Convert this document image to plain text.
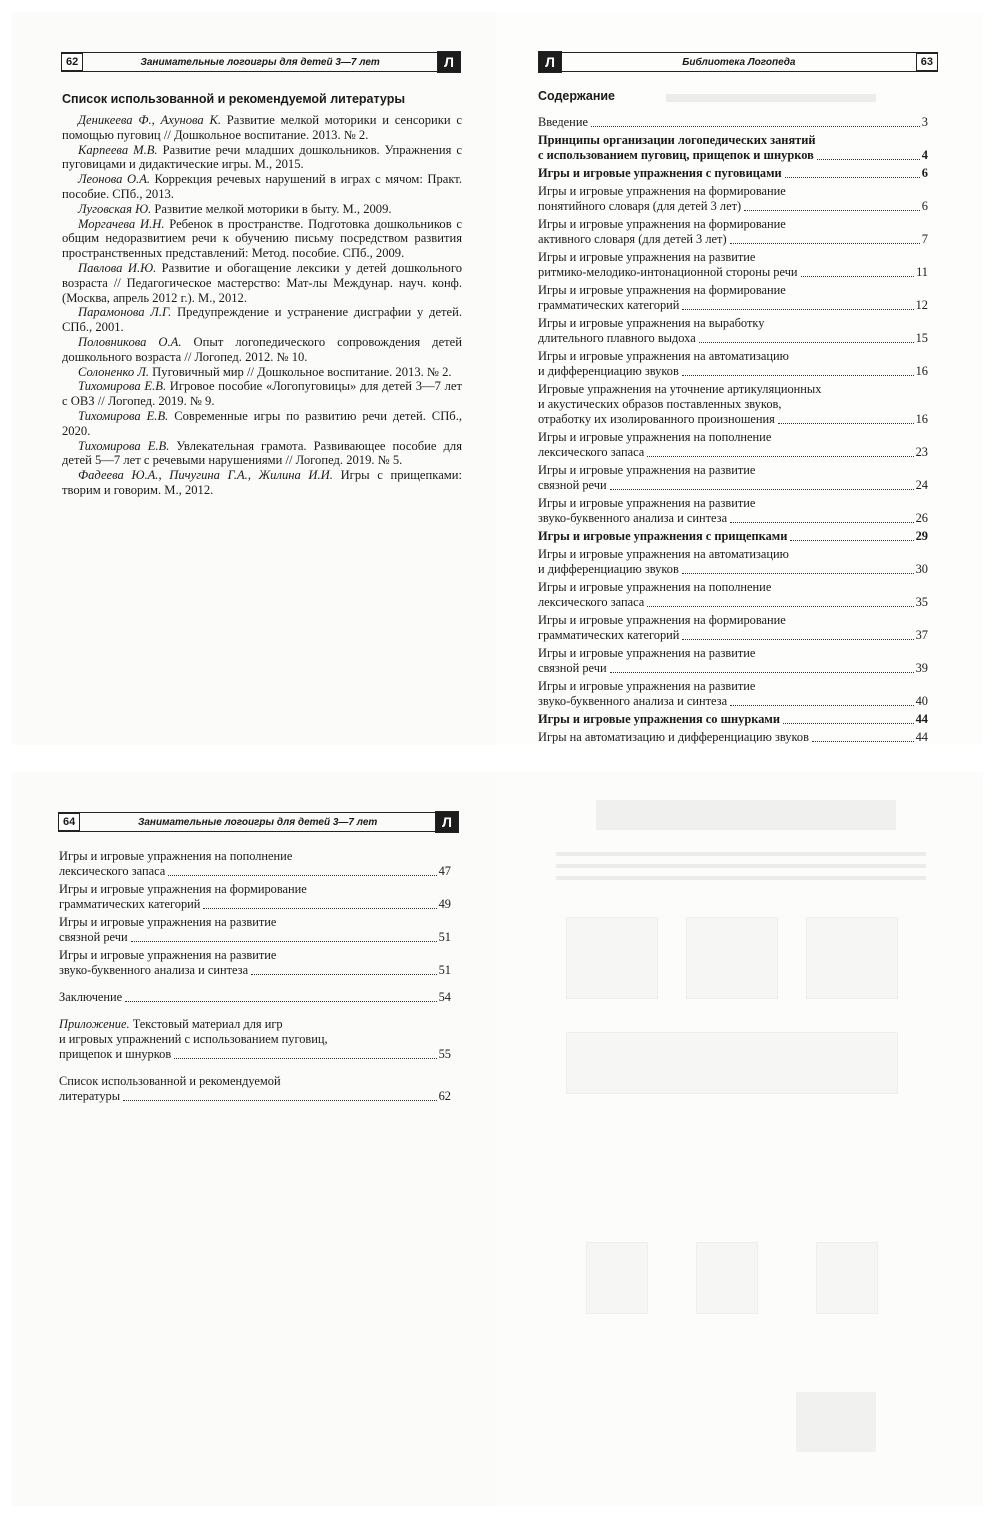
62	Занимательные логоигры для детей 3—7 лет	Л
Список использованной и рекомендуемой литературы

Деникеева Ф., Ахунова К. Развитие мелкой моторики и сенсорики с помощью пуговиц // Дошкольное воспитание. 2013. № 2.

Карпеева М.В. Развитие речи младших дошкольников. Упражнения с пуговицами и дидактические игры. М., 2015.

Леонова О.А. Коррекция речевых нарушений в играх с мячом: Практ. пособие. СПб., 2013.

Луговская Ю. Развитие мелкой моторики в быту. М., 2009.

Моргачева И.Н. Ребенок в пространстве. Подготовка дошкольников с общим недоразвитием речи к обучению письму посредством развития пространственных представлений: Метод. пособие. СПб., 2009.

Павлова И.Ю. Развитие и обогащение лексики у детей дошкольного возраста // Педагогическое мастерство: Мат-лы Междунар. науч. конф. (Москва, апрель 2012 г.). М., 2012.

Парамонова Л.Г. Предупреждение и устранение дисграфии у детей. СПб., 2001.

Половникова О.А. Опыт логопедического сопровождения детей дошкольного возраста // Логопед. 2012. № 10.

Солоненко Л. Пуговичный мир // Дошкольное воспитание. 2013. № 2.

Тихомирова Е.В. Игровое пособие «Логопуговицы» для детей 3—7 лет с ОВЗ // Логопед. 2019. № 9.

Тихомирова Е.В. Современные игры по развитию речи детей. СПб., 2020.

Тихомирова Е.В. Увлекательная грамота. Развивающее пособие для детей 5—7 лет с речевыми нарушениями // Логопед. 2019. № 5.

Фадеева Ю.А., Пичугина Г.А., Жилина И.И. Игры с прищепками: творим и говорим. М., 2012.

Л	Библиотека Логопеда	63
Содержание
Введение	3
Принципы организации логопедических занятий
с использованием пуговиц, прищепок и шнурков	4
Игры и игровые упражнения с пуговицами	6
Игры и игровые упражнения на формирование
понятийного словаря (для детей 3 лет)	6
Игры и игровые упражнения на формирование
активного словаря (для детей 3 лет)	7
Игры и игровые упражнения на развитие
ритмико-мелодико-интонационной стороны речи	11
Игры и игровые упражнения на формирование
грамматических категорий	12
Игры и игровые упражнения на выработку
длительного плавного выдоха	15
Игры и игровые упражнения на автоматизацию
и дифференциацию звуков	16
Игровые упражнения на уточнение артикуляционных
и акустических образов поставленных звуков,
отработку их изолированного произношения	16
Игры и игровые упражнения на пополнение
лексического запаса	23
Игры и игровые упражнения на развитие
связной речи	24
Игры и игровые упражнения на развитие
звуко-буквенного анализа и синтеза	26
Игры и игровые упражнения с прищепками	29
Игры и игровые упражнения на автоматизацию
и дифференциацию звуков	30
Игры и игровые упражнения на пополнение
лексического запаса	35
Игры и игровые упражнения на формирование
грамматических категорий	37
Игры и игровые упражнения на развитие
связной речи	39
Игры и игровые упражнения на развитие
звуко-буквенного анализа и синтеза	40
Игры и игровые упражнения со шнурками	44
Игры на автоматизацию и дифференциацию звуков	44
64	Занимательные логоигры для детей 3—7 лет	Л
Игры и игровые упражнения на пополнение
лексического запаса	47
Игры и игровые упражнения на формирование
грамматических категорий	49
Игры и игровые упражнения на развитие
связной речи	51
Игры и игровые упражнения на развитие
звуко-буквенного анализа и синтеза	51
Заключение	54
Приложение. Текстовый материал для игр
и игровых упражнений с использованием пуговиц,
прищепок и шнурков	55
Список использованной и рекомендуемой
литературы	62
